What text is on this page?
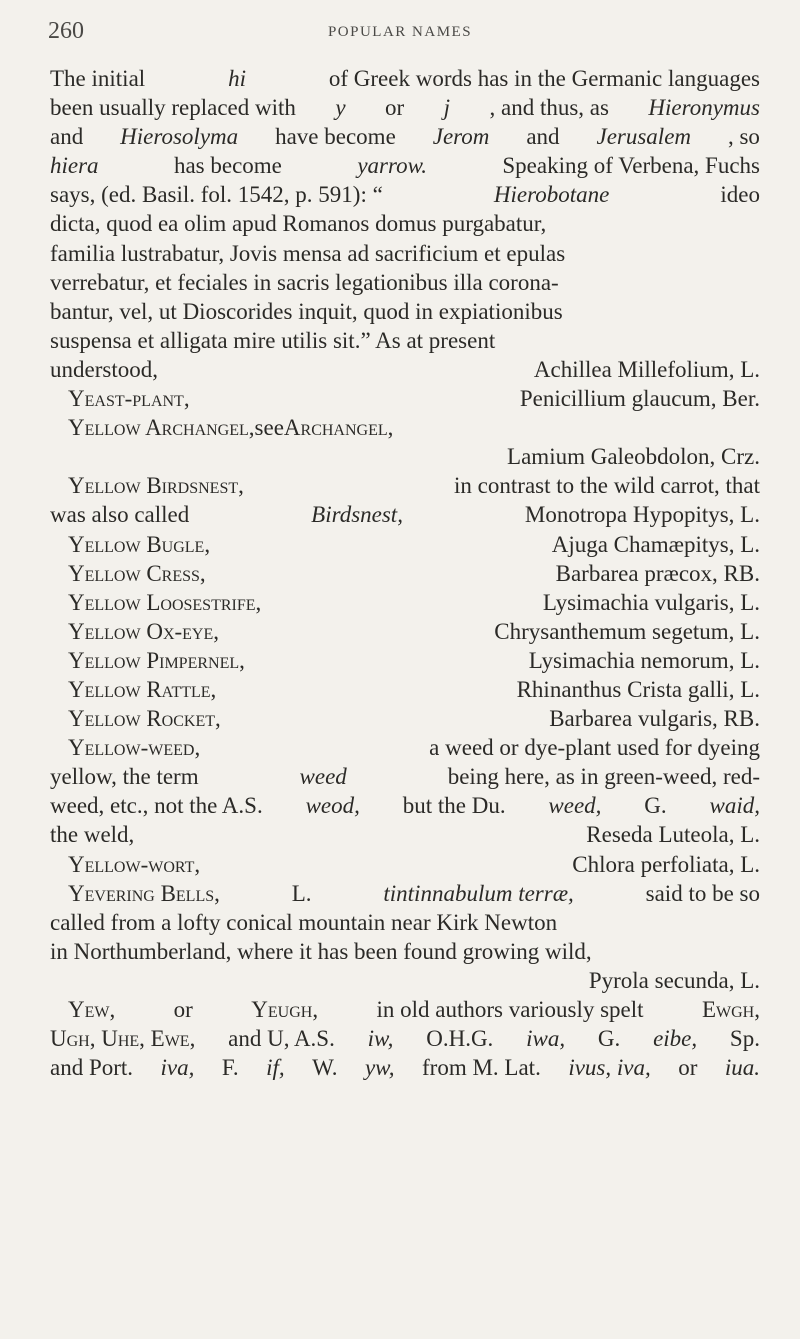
260	POPULAR NAMES
The initial	hi	of Greek words has in the Germanic languages
been usually replaced with y or j , and thus, as Hieronymus
and Hierosolyma have become Jerom and Jerusalem , so
hiera	has become	yarrow.	Speaking of Verbena, Fuchs
says, (ed. Basil. fol. 1542, p. 591): “	Hierobotane	ideo
dicta, quod ea olim apud Romanos domus purgabatur,
familia lustrabatur, Jovis mensa ad sacrificium et epulas
verrebatur, et feciales in sacris legationibus illa corona-
bantur, vel, ut Dioscorides inquit, quod in expiationibus
suspensa et alligata mire utilis sit.” As at present
understood,	Achillea Millefolium, L.
Yeast-plant,	Penicillium glaucum, Ber.
Yellow Archangel, see Archangel,
Lamium Galeobdolon, Crz.
Yellow Birdsnest,	in contrast to the wild carrot, that
was also called	Birdsnest,	Monotropa Hypopitys, L.
Yellow Bugle,	Ajuga Chamæpitys, L.
Yellow Cress,	Barbarea præcox, RB.
Yellow Loosestrife,	Lysimachia vulgaris, L.
Yellow Ox-eye,	Chrysanthemum segetum, L.
Yellow Pimpernel,	Lysimachia nemorum, L.
Yellow Rattle,	Rhinanthus Crista galli, L.
Yellow Rocket,	Barbarea vulgaris, RB.
Yellow-weed,	a weed or dye-plant used for dyeing
yellow, the term	weed	being here, as in green-weed, red-
weed, etc., not the A.S. weod, but the Du. weed, G. waid,
the weld,	Reseda Luteola, L.
Yellow-wort,	Chlora perfoliata, L.
Yevering Bells,	L.	tintinnabulum terræ,	said to be so
called from a lofty conical mountain near Kirk Newton
in Northumberland, where it has been found growing wild,
Pyrola secunda, L.
Yew,	or	Yeugh,	in old authors variously spelt	Ewgh,
Ugh, Uhe, Ewe, and U, A.S. iw, O.H.G. iwa, G. eibe, Sp.
and Port. iva, F. if, W. yw, from M. Lat. ivus, iva, or iua.
